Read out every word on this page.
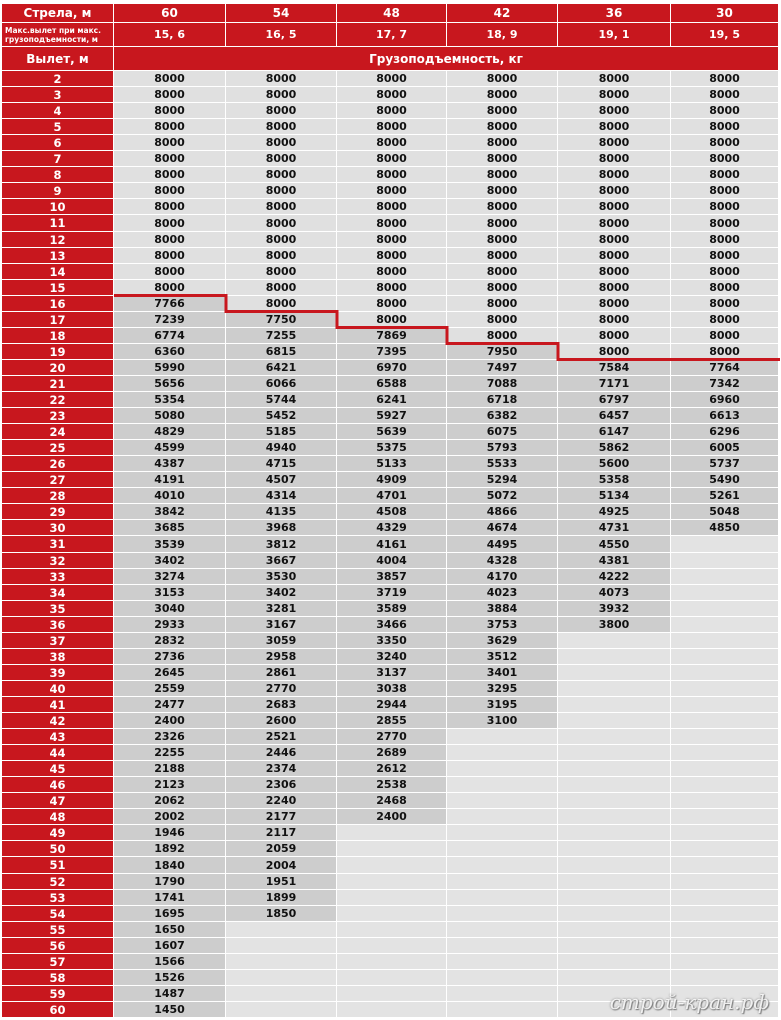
Стрела, м	60	54	48	42	36	30
Макс.вылет при макс. грузоподъемности, м	15, 6	16, 5	17, 7	18, 9	19, 1	19, 5
Вылет, м	Грузоподъемность, кг
2	8000	8000	8000	8000	8000	8000
3	8000	8000	8000	8000	8000	8000
4	8000	8000	8000	8000	8000	8000
5	8000	8000	8000	8000	8000	8000
6	8000	8000	8000	8000	8000	8000
7	8000	8000	8000	8000	8000	8000
8	8000	8000	8000	8000	8000	8000
9	8000	8000	8000	8000	8000	8000
10	8000	8000	8000	8000	8000	8000
11	8000	8000	8000	8000	8000	8000
12	8000	8000	8000	8000	8000	8000
13	8000	8000	8000	8000	8000	8000
14	8000	8000	8000	8000	8000	8000
15	8000	8000	8000	8000	8000	8000
16	7766	8000	8000	8000	8000	8000
17	7239	7750	8000	8000	8000	8000
18	6774	7255	7869	8000	8000	8000
19	6360	6815	7395	7950	8000	8000
20	5990	6421	6970	7497	7584	7764
21	5656	6066	6588	7088	7171	7342
22	5354	5744	6241	6718	6797	6960
23	5080	5452	5927	6382	6457	6613
24	4829	5185	5639	6075	6147	6296
25	4599	4940	5375	5793	5862	6005
26	4387	4715	5133	5533	5600	5737
27	4191	4507	4909	5294	5358	5490
28	4010	4314	4701	5072	5134	5261
29	3842	4135	4508	4866	4925	5048
30	3685	3968	4329	4674	4731	4850
31	3539	3812	4161	4495	4550
32	3402	3667	4004	4328	4381
33	3274	3530	3857	4170	4222
34	3153	3402	3719	4023	4073
35	3040	3281	3589	3884	3932
36	2933	3167	3466	3753	3800
37	2832	3059	3350	3629
38	2736	2958	3240	3512
39	2645	2861	3137	3401
40	2559	2770	3038	3295
41	2477	2683	2944	3195
42	2400	2600	2855	3100
43	2326	2521	2770
44	2255	2446	2689
45	2188	2374	2612
46	2123	2306	2538
47	2062	2240	2468
48	2002	2177	2400
49	1946	2117
50	1892	2059
51	1840	2004
52	1790	1951
53	1741	1899
54	1695	1850
55	1650
56	1607
57	1566
58	1526
59	1487
60	1450	строй-кран.рф
